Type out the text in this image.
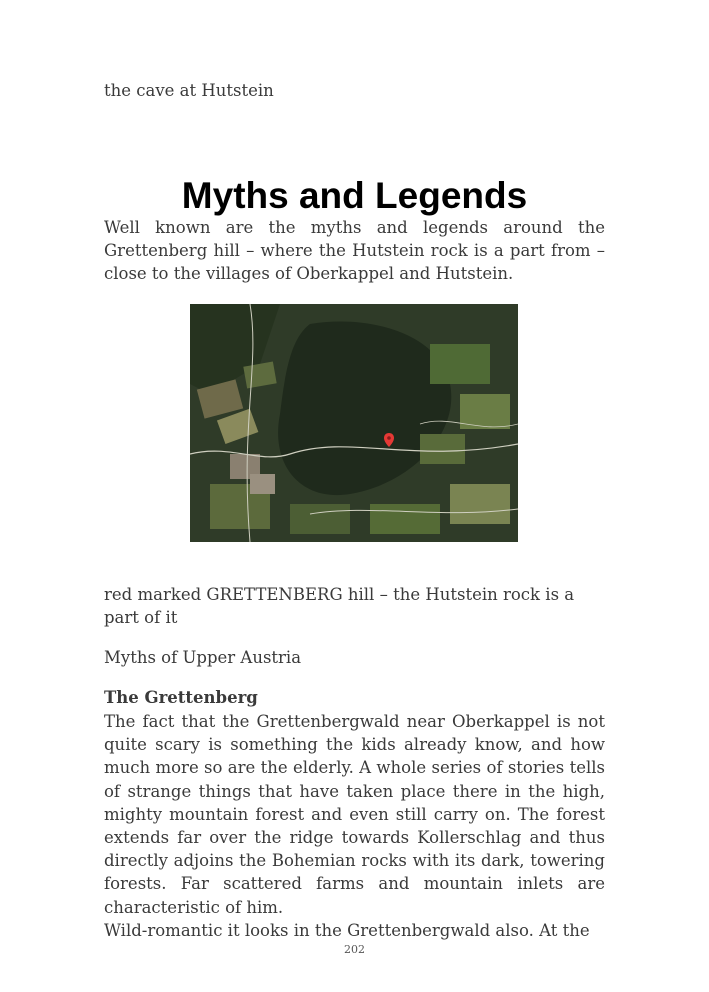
the cave at Hutstein
Myths and Legends
Well known are the myths and legends around the Grettenberg hill – where the Hutstein rock is a part from – close to the villages of Oberkappel and Hutstein.
red marked GRETTENBERG hill – the Hutstein rock is a part of it
Myths of Upper Austria
The Grettenberg

The fact that the Grettenbergwald near Oberkappel is not quite scary is something the kids already know, and how much more so are the elderly. A whole series of stories tells of strange things that have taken place there in the high, mighty mountain forest and even still carry on. The forest extends far over the ridge towards Kollerschlag and thus directly adjoins the Bohemian rocks with its dark, towering forests. Far scattered farms and mountain inlets are characteristic of him.

Wild-romantic it looks in the Grettenbergwald also. At the

202
